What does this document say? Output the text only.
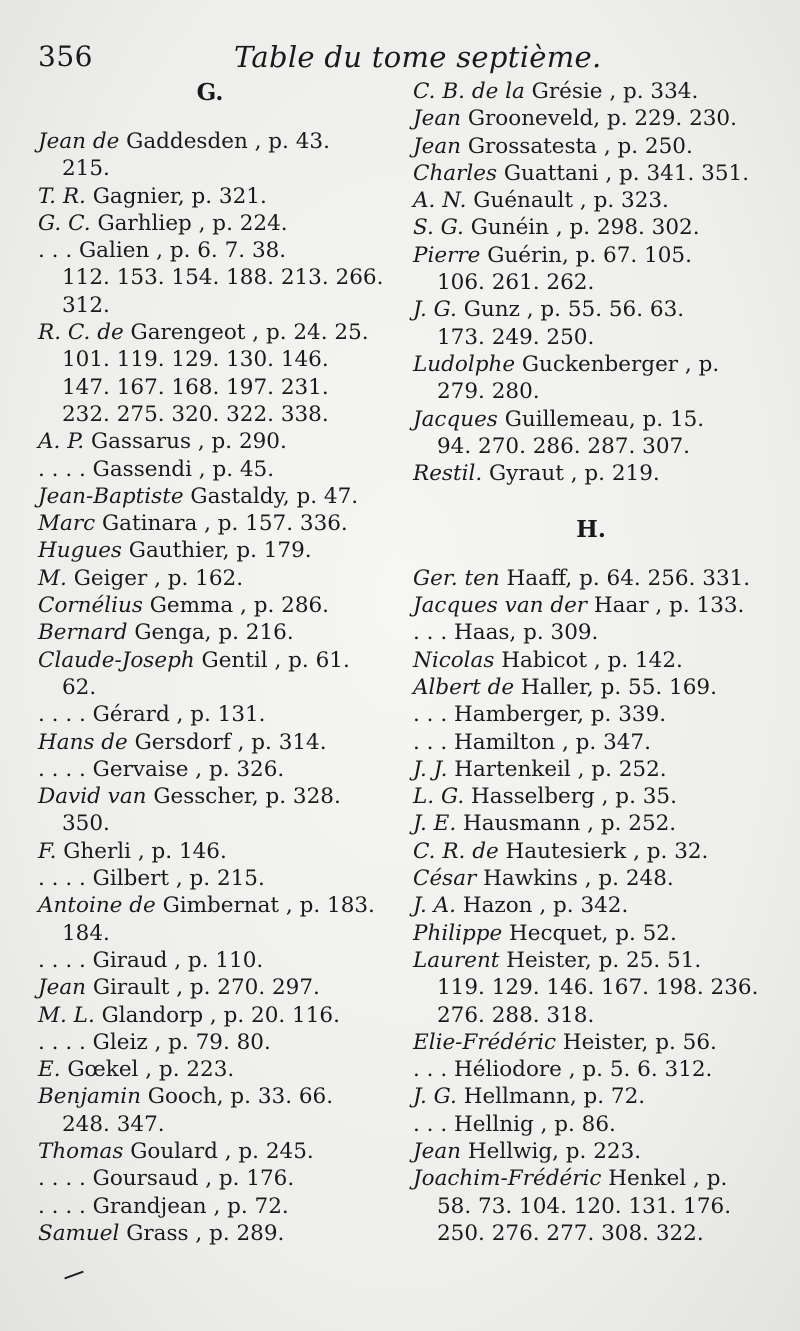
356	Table du tome septième.
G.
Jean de Gaddesden , p. 43.
215.
T. R. Gagnier, p. 321.
G. C. Garhliep , p. 224.
. . . Galien , p. 6. 7. 38.
112. 153. 154. 188. 213. 266.
312.
R. C. de Garengeot , p. 24. 25.
101. 119. 129. 130. 146.
147. 167. 168. 197. 231.
232. 275. 320. 322. 338.
A. P. Gassarus , p. 290.
. . . . Gassendi , p. 45.
Jean-Baptiste Gastaldy, p. 47.
Marc Gatinara , p. 157. 336.
Hugues Gauthier, p. 179.
M. Geiger , p. 162.
Cornélius Gemma , p. 286.
Bernard Genga, p. 216.
Claude-Joseph Gentil , p. 61.
62.
. . . . Gérard , p. 131.
Hans de Gersdorf , p. 314.
. . . . Gervaise , p. 326.
David van Gesscher, p. 328.
350.
F. Gherli , p. 146.
. . . . Gilbert , p. 215.
Antoine de Gimbernat , p. 183.
184.
. . . . Giraud , p. 110.
Jean Girault , p. 270. 297.
M. L. Glandorp , p. 20. 116.
. . . . Gleiz , p. 79. 80.
E. Gœkel , p. 223.
Benjamin Gooch, p. 33. 66.
248. 347.
Thomas Goulard , p. 245.
. . . . Goursaud , p. 176.
. . . . Grandjean , p. 72.
Samuel Grass , p. 289.
C. B. de la Grésie , p. 334.
Jean Grooneveld, p. 229. 230.
Jean Grossatesta , p. 250.
Charles Guattani , p. 341. 351.
A. N. Guénault , p. 323.
S. G. Gunéin , p. 298. 302.
Pierre Guérin, p. 67. 105.
106. 261. 262.
J. G. Gunz , p. 55. 56. 63.
173. 249. 250.
Ludolphe Guckenberger , p.
279. 280.
Jacques Guillemeau, p. 15.
94. 270. 286. 287. 307.
Restil. Gyraut , p. 219.
H.
Ger. ten Haaff, p. 64. 256. 331.
Jacques van der Haar , p. 133.
. . . Haas, p. 309.
Nicolas Habicot , p. 142.
Albert de Haller, p. 55. 169.
. . . Hamberger, p. 339.
. . . Hamilton , p. 347.
J. J. Hartenkeil , p. 252.
L. G. Hasselberg , p. 35.
J. E. Hausmann , p. 252.
C. R. de Hautesierk , p. 32.
César Hawkins , p. 248.
J. A. Hazon , p. 342.
Philippe Hecquet, p. 52.
Laurent Heister, p. 25. 51.
119. 129. 146. 167. 198. 236.
276. 288. 318.
Elie-Frédéric Heister, p. 56.
. . . Héliodore , p. 5. 6. 312.
J. G. Hellmann, p. 72.
. . . Hellnig , p. 86.
Jean Hellwig, p. 223.
Joachim-Frédéric Henkel , p.
58. 73. 104. 120. 131. 176.
250. 276. 277. 308. 322.
